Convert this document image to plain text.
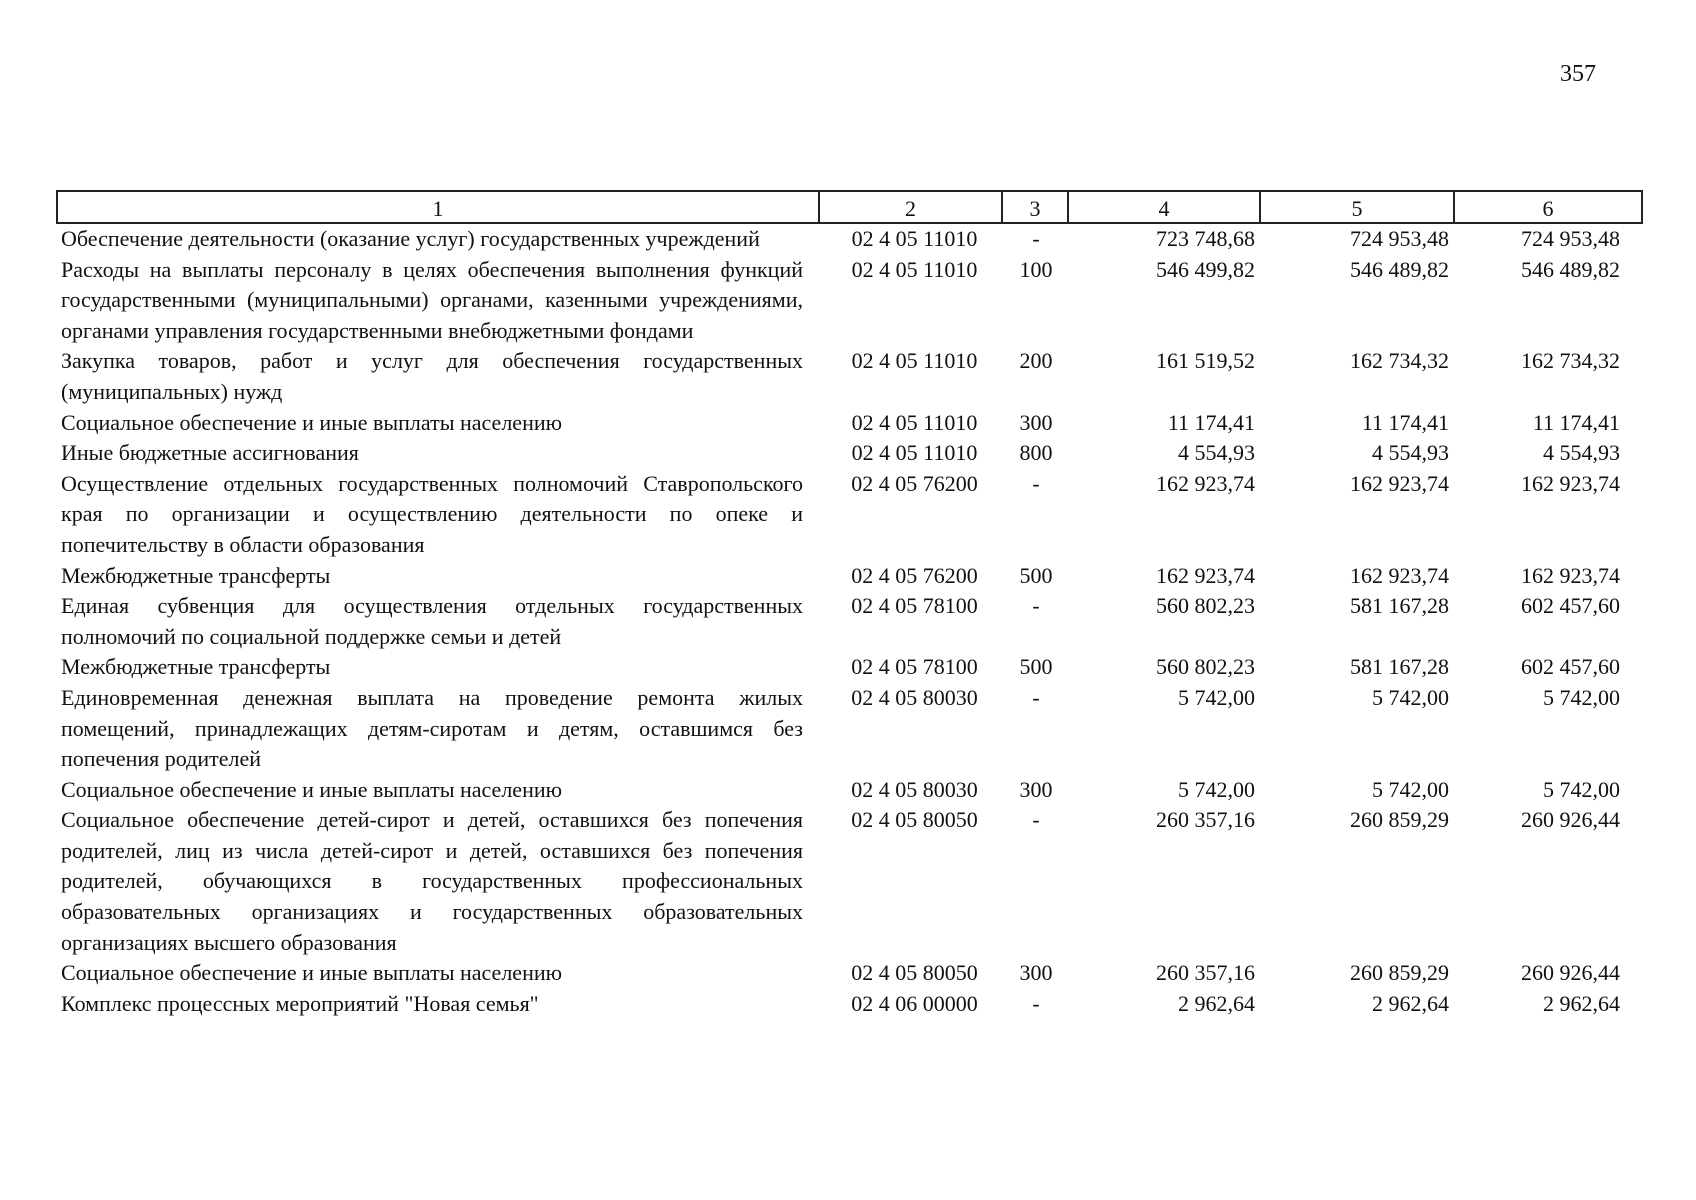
357
1	2	3	4	5	6
Обеспечение деятельности (оказание услуг) государственных учреждений	02 4 05 11010	-	723 748,68	724 953,48	724 953,48
Расходы на выплаты персоналу в целях обеспечения выполнения функций государственными (муниципальными) органами, казенными учреждениями, органами управления государственными внебюджетными фондами	02 4 05 11010	100	546 499,82	546 489,82	546 489,82
Закупка товаров, работ и услуг для обеспечения государственных (муниципальных) нужд	02 4 05 11010	200	161 519,52	162 734,32	162 734,32
Социальное обеспечение и иные выплаты населению	02 4 05 11010	300	11 174,41	11 174,41	11 174,41
Иные бюджетные ассигнования	02 4 05 11010	800	4 554,93	4 554,93	4 554,93
Осуществление отдельных государственных полномочий Ставропольского края по организации и осуществлению деятельности по опеке и попечительству в области образования	02 4 05 76200	-	162 923,74	162 923,74	162 923,74
Межбюджетные трансферты	02 4 05 76200	500	162 923,74	162 923,74	162 923,74
Единая субвенция для осуществления отдельных государственных полномочий по социальной поддержке семьи и детей	02 4 05 78100	-	560 802,23	581 167,28	602 457,60
Межбюджетные трансферты	02 4 05 78100	500	560 802,23	581 167,28	602 457,60
Единовременная денежная выплата на проведение ремонта жилых помещений, принадлежащих детям-сиротам и детям, оставшимся без попечения родителей	02 4 05 80030	-	5 742,00	5 742,00	5 742,00
Социальное обеспечение и иные выплаты населению	02 4 05 80030	300	5 742,00	5 742,00	5 742,00
Социальное обеспечение детей-сирот и детей, оставшихся без попечения родителей, лиц из числа детей-сирот и детей, оставшихся без попечения родителей, обучающихся в государственных профессиональных образовательных организациях и государственных образовательных организациях высшего образования	02 4 05 80050	-	260 357,16	260 859,29	260 926,44
Социальное обеспечение и иные выплаты населению	02 4 05 80050	300	260 357,16	260 859,29	260 926,44
Комплекс процессных мероприятий "Новая семья"	02 4 06 00000	-	2 962,64	2 962,64	2 962,64
